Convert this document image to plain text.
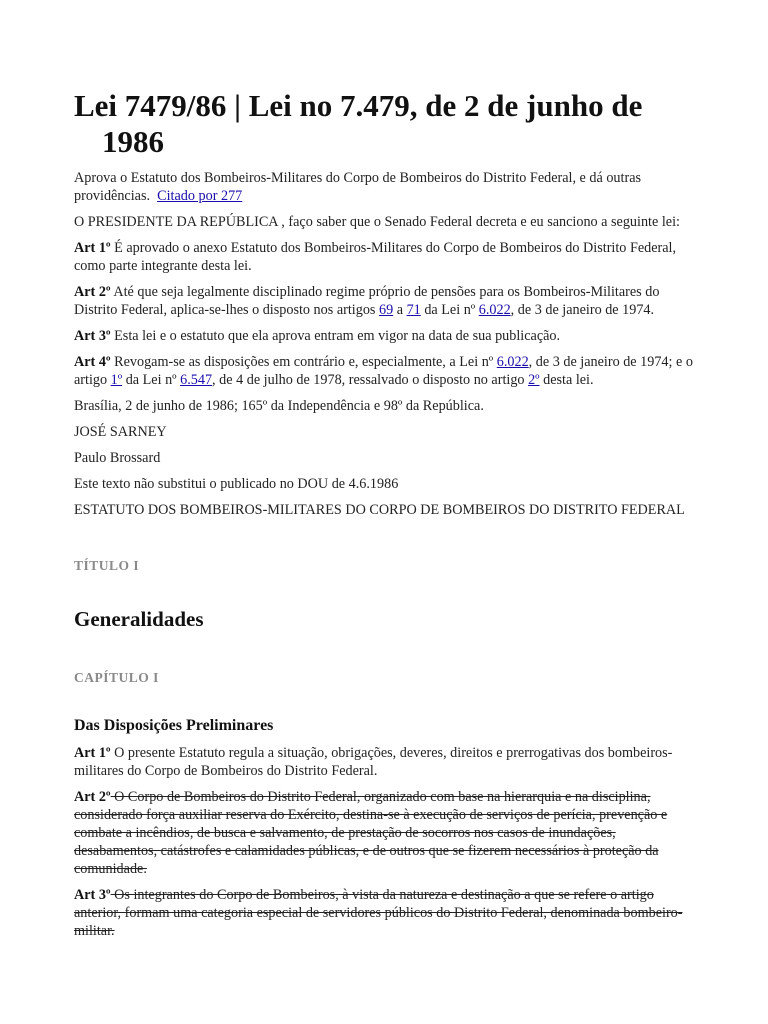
Lei 7479/86 | Lei no 7.479, de 2 de junho de 1986

Aprova o Estatuto dos Bombeiros-Militares do Corpo de Bombeiros do Distrito Federal, e dá outras providências. Citado por 277

O PRESIDENTE DA REPÚBLICA , faço saber que o Senado Federal decreta e eu sanciono a seguinte lei:

Art 1º É aprovado o anexo Estatuto dos Bombeiros-Militares do Corpo de Bombeiros do Distrito Federal, como parte integrante desta lei.

Art 2º Até que seja legalmente disciplinado regime próprio de pensões para os Bombeiros-Militares do Distrito Federal, aplica-se-lhes o disposto nos artigos 69 a 71 da Lei nº 6.022, de 3 de janeiro de 1974.

Art 3º Esta lei e o estatuto que ela aprova entram em vigor na data de sua publicação.

Art 4º Revogam-se as disposições em contrário e, especialmente, a Lei nº 6.022, de 3 de janeiro de 1974; e o artigo 1º da Lei nº 6.547, de 4 de julho de 1978, ressalvado o disposto no artigo 2º desta lei.

Brasília, 2 de junho de 1986; 165º da Independência e 98º da República.

JOSÉ SARNEY

Paulo Brossard

Este texto não substitui o publicado no DOU de 4.6.1986

ESTATUTO DOS BOMBEIROS-MILITARES DO CORPO DE BOMBEIROS DO DISTRITO FEDERAL

TÍTULO I
Generalidades
CAPÍTULO I
Das Disposições Preliminares

Art 1º O presente Estatuto regula a situação, obrigações, deveres, direitos e prerrogativas dos bombeiros-militares do Corpo de Bombeiros do Distrito Federal.

Art 2º O Corpo de Bombeiros do Distrito Federal, organizado com base na hierarquia e na disciplina, considerado força auxiliar reserva do Exército, destina-se à execução de serviços de perícia, prevenção e combate a incêndios, de busca e salvamento, de prestação de socorros nos casos de inundações, desabamentos, catástrofes e calamidades públicas, e de outros que se fizerem necessários à proteção da comunidade.

Art 3º Os integrantes do Corpo de Bombeiros, à vista da natureza e destinação a que se refere o artigo anterior, formam uma categoria especial de servidores públicos do Distrito Federal, denominada bombeiro-militar.
